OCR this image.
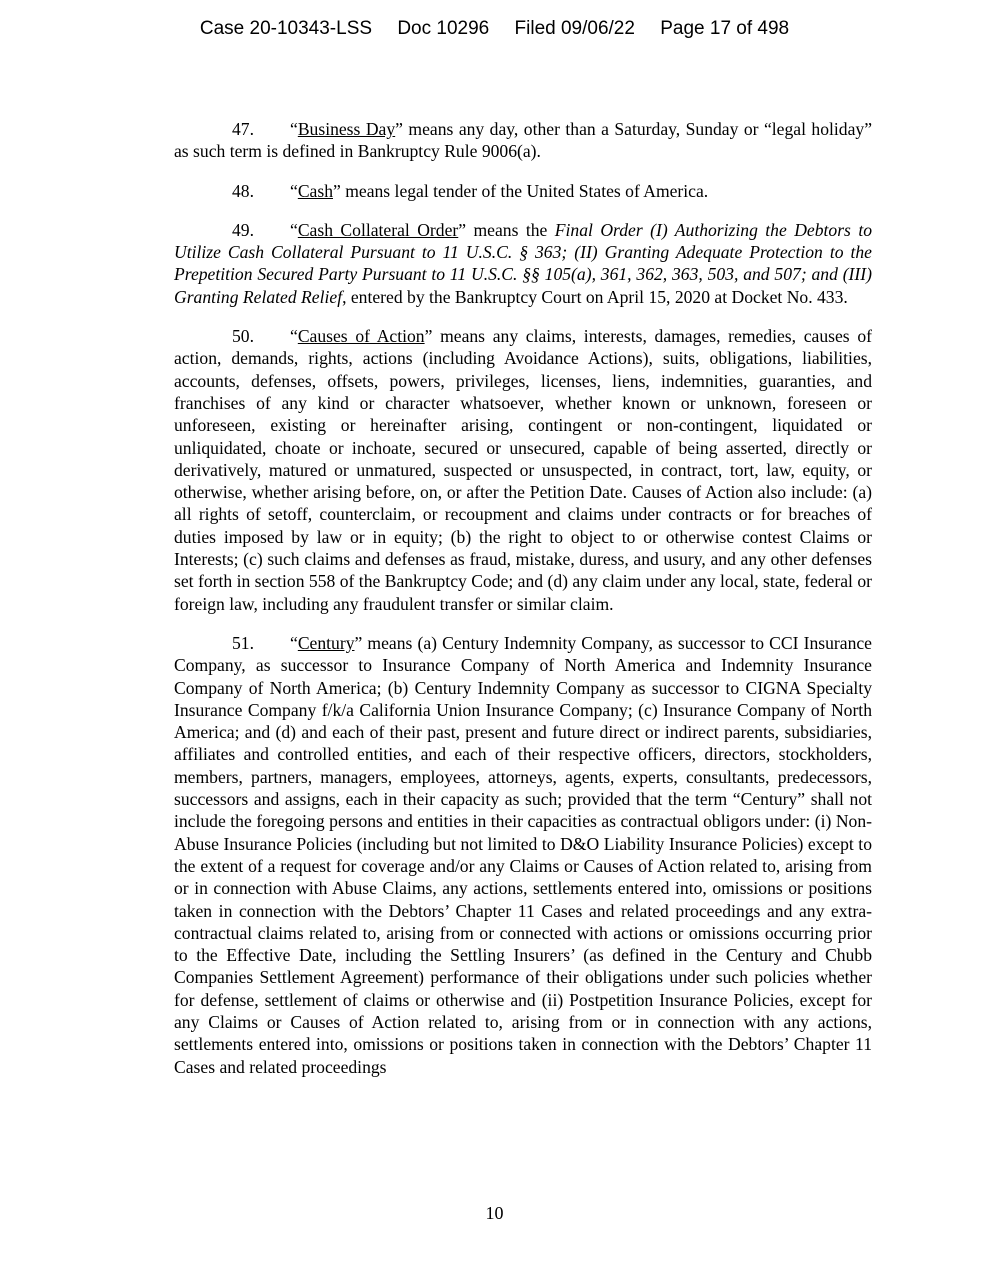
Case 20-10343-LSS Doc 10296 Filed 09/06/22 Page 17 of 498

47. “Business Day” means any day, other than a Saturday, Sunday or “legal holiday” as such term is defined in Bankruptcy Rule 9006(a).

48. “Cash” means legal tender of the United States of America.

49. “Cash Collateral Order” means the Final Order (I) Authorizing the Debtors to Utilize Cash Collateral Pursuant to 11 U.S.C. § 363; (II) Granting Adequate Protection to the Prepetition Secured Party Pursuant to 11 U.S.C. §§ 105(a), 361, 362, 363, 503, and 507; and (III) Granting Related Relief, entered by the Bankruptcy Court on April 15, 2020 at Docket No. 433.

50. “Causes of Action” means any claims, interests, damages, remedies, causes of action, demands, rights, actions (including Avoidance Actions), suits, obligations, liabilities, accounts, defenses, offsets, powers, privileges, licenses, liens, indemnities, guaranties, and franchises of any kind or character whatsoever, whether known or unknown, foreseen or unforeseen, existing or hereinafter arising, contingent or non-contingent, liquidated or unliquidated, choate or inchoate, secured or unsecured, capable of being asserted, directly or derivatively, matured or unmatured, suspected or unsuspected, in contract, tort, law, equity, or otherwise, whether arising before, on, or after the Petition Date. Causes of Action also include: (a) all rights of setoff, counterclaim, or recoupment and claims under contracts or for breaches of duties imposed by law or in equity; (b) the right to object to or otherwise contest Claims or Interests; (c) such claims and defenses as fraud, mistake, duress, and usury, and any other defenses set forth in section 558 of the Bankruptcy Code; and (d) any claim under any local, state, federal or foreign law, including any fraudulent transfer or similar claim.

51. “Century” means (a) Century Indemnity Company, as successor to CCI Insurance Company, as successor to Insurance Company of North America and Indemnity Insurance Company of North America; (b) Century Indemnity Company as successor to CIGNA Specialty Insurance Company f/k/a California Union Insurance Company; (c) Insurance Company of North America; and (d) and each of their past, present and future direct or indirect parents, subsidiaries, affiliates and controlled entities, and each of their respective officers, directors, stockholders, members, partners, managers, employees, attorneys, agents, experts, consultants, predecessors, successors and assigns, each in their capacity as such; provided that the term “Century” shall not include the foregoing persons and entities in their capacities as contractual obligors under: (i) Non-Abuse Insurance Policies (including but not limited to D&O Liability Insurance Policies) except to the extent of a request for coverage and/or any Claims or Causes of Action related to, arising from or in connection with Abuse Claims, any actions, settlements entered into, omissions or positions taken in connection with the Debtors’ Chapter 11 Cases and related proceedings and any extra-contractual claims related to, arising from or connected with actions or omissions occurring prior to the Effective Date, including the Settling Insurers’ (as defined in the Century and Chubb Companies Settlement Agreement) performance of their obligations under such policies whether for defense, settlement of claims or otherwise and (ii) Postpetition Insurance Policies, except for any Claims or Causes of Action related to, arising from or in connection with any actions, settlements entered into, omissions or positions taken in connection with the Debtors’ Chapter 11 Cases and related proceedings

10
